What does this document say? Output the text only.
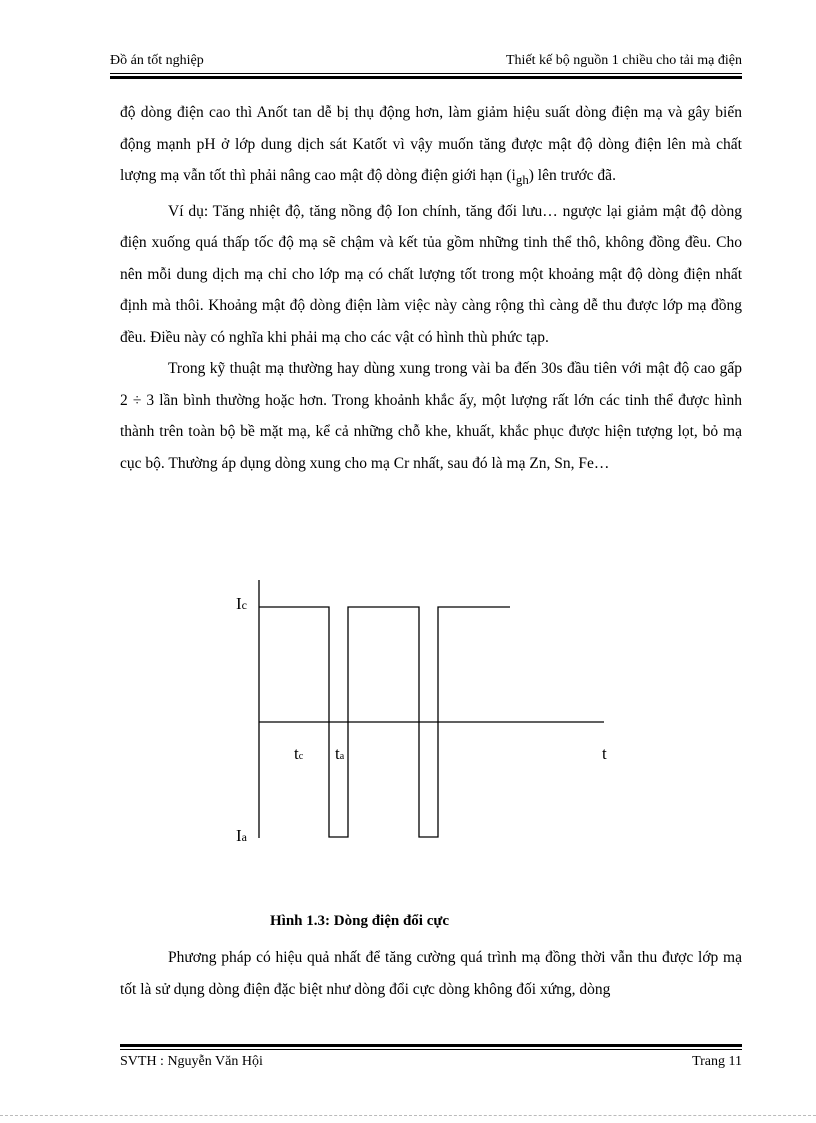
Đồ án tốt nghiệp	Thiết kế bộ nguồn 1 chiều cho tải mạ điện

độ dòng điện cao thì Anốt tan dễ bị thụ động hơn, làm giảm hiệu suất dòng điện mạ và gây biến động mạnh pH ở lớp dung dịch sát Katốt vì vậy muốn tăng được mật độ dòng điện lên mà chất lượng mạ vẫn tốt thì phải nâng cao mật độ dòng điện giới hạn $(i_{gh})$ lên trước đã.

Ví dụ: Tăng nhiệt độ, tăng nồng độ Ion chính, tăng đối lưu… ngược lại giảm mật độ dòng điện xuống quá thấp tốc độ mạ sẽ chậm và kết tủa gồm những tinh thể thô, không đồng đều. Cho nên mỗi dung dịch mạ chỉ cho lớp mạ có chất lượng tốt trong một khoảng mật độ dòng điện nhất định mà thôi. Khoảng mật độ dòng điện làm việc này càng rộng thì càng dễ thu được lớp mạ đồng đều. Điều này có nghĩa khi phải mạ cho các vật có hình thù phức tạp.

Trong kỹ thuật mạ thường hay dùng xung trong vài ba đến 30s đầu tiên với mật độ cao gấp 2 ÷ 3 lần bình thường hoặc hơn. Trong khoảnh khắc ấy, một lượng rất lớn các tinh thể được hình thành trên toàn bộ bề mặt mạ, kể cả những chỗ khe, khuất, khắc phục được hiện tượng lọt, bỏ mạ cục bộ. Thường áp dụng dòng xung cho mạ Cr nhất, sau đó là mạ Zn, Sn, Fe…

Ic
Ia
tc ta	t
Hình 1.3: Dòng điện đổi cực

Phương pháp có hiệu quả nhất để tăng cường quá trình mạ đồng thời vẫn thu được lớp mạ tốt là sử dụng dòng điện đặc biệt như dòng đổi cực dòng không đối xứng, dòng

SVTH : Nguyễn Văn Hội	Trang 11
